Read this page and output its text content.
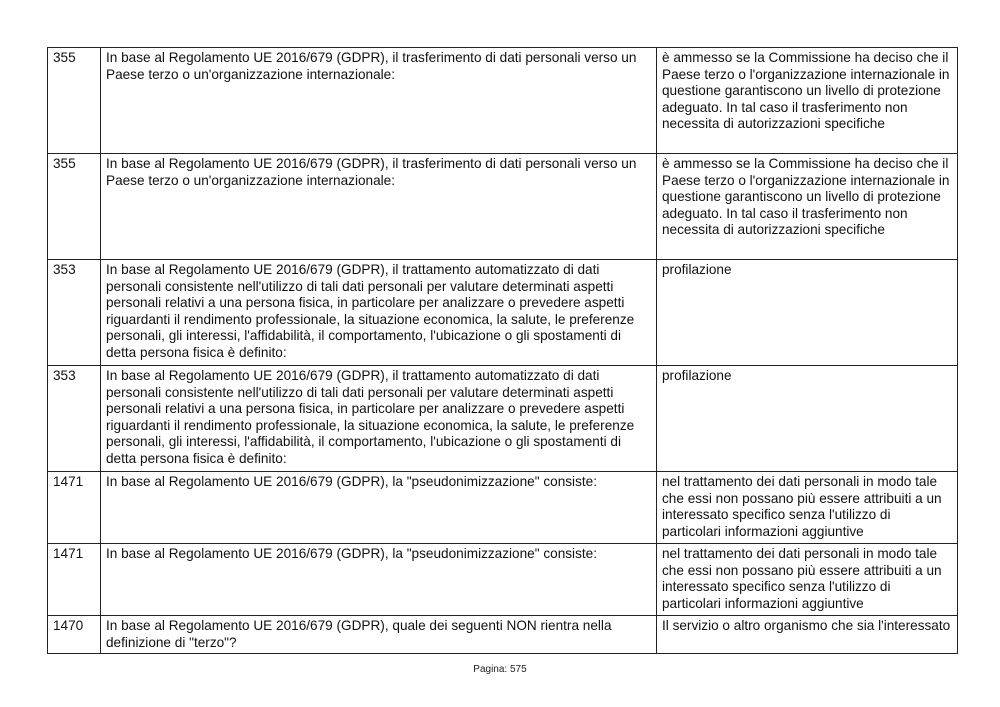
355	In base al Regolamento UE 2016/679 (GDPR), il trasferimento di dati personali verso un Paese terzo o un'organizzazione internazionale:	è ammesso se la Commissione ha deciso che il Paese terzo o l'organizzazione internazionale in questione garantiscono un livello di protezione adeguato. In tal caso il trasferimento non necessita di autorizzazioni specifiche
355	In base al Regolamento UE 2016/679 (GDPR), il trasferimento di dati personali verso un Paese terzo o un'organizzazione internazionale:	è ammesso se la Commissione ha deciso che il Paese terzo o l'organizzazione internazionale in questione garantiscono un livello di protezione adeguato. In tal caso il trasferimento non necessita di autorizzazioni specifiche
353	In base al Regolamento UE 2016/679 (GDPR), il trattamento automatizzato di dati personali consistente nell'utilizzo di tali dati personali per valutare determinati aspetti personali relativi a una persona fisica, in particolare per analizzare o prevedere aspetti riguardanti il rendimento professionale, la situazione economica, la salute, le preferenze personali, gli interessi, l'affidabilità, il comportamento, l'ubicazione o gli spostamenti di detta persona fisica è definito:	profilazione
353	In base al Regolamento UE 2016/679 (GDPR), il trattamento automatizzato di dati personali consistente nell'utilizzo di tali dati personali per valutare determinati aspetti personali relativi a una persona fisica, in particolare per analizzare o prevedere aspetti riguardanti il rendimento professionale, la situazione economica, la salute, le preferenze personali, gli interessi, l'affidabilità, il comportamento, l'ubicazione o gli spostamenti di detta persona fisica è definito:	profilazione
1471	In base al Regolamento UE 2016/679 (GDPR), la "pseudonimizzazione" consiste:	nel trattamento dei dati personali in modo tale che essi non possano più essere attribuiti a un interessato specifico senza l'utilizzo di particolari informazioni aggiuntive
1471	In base al Regolamento UE 2016/679 (GDPR), la "pseudonimizzazione" consiste:	nel trattamento dei dati personali in modo tale che essi non possano più essere attribuiti a un interessato specifico senza l'utilizzo di particolari informazioni aggiuntive
1470	In base al Regolamento UE 2016/679 (GDPR), quale dei seguenti NON rientra nella definizione di "terzo"?	Il servizio o altro organismo che sia l'interessato
Pagina: 575
